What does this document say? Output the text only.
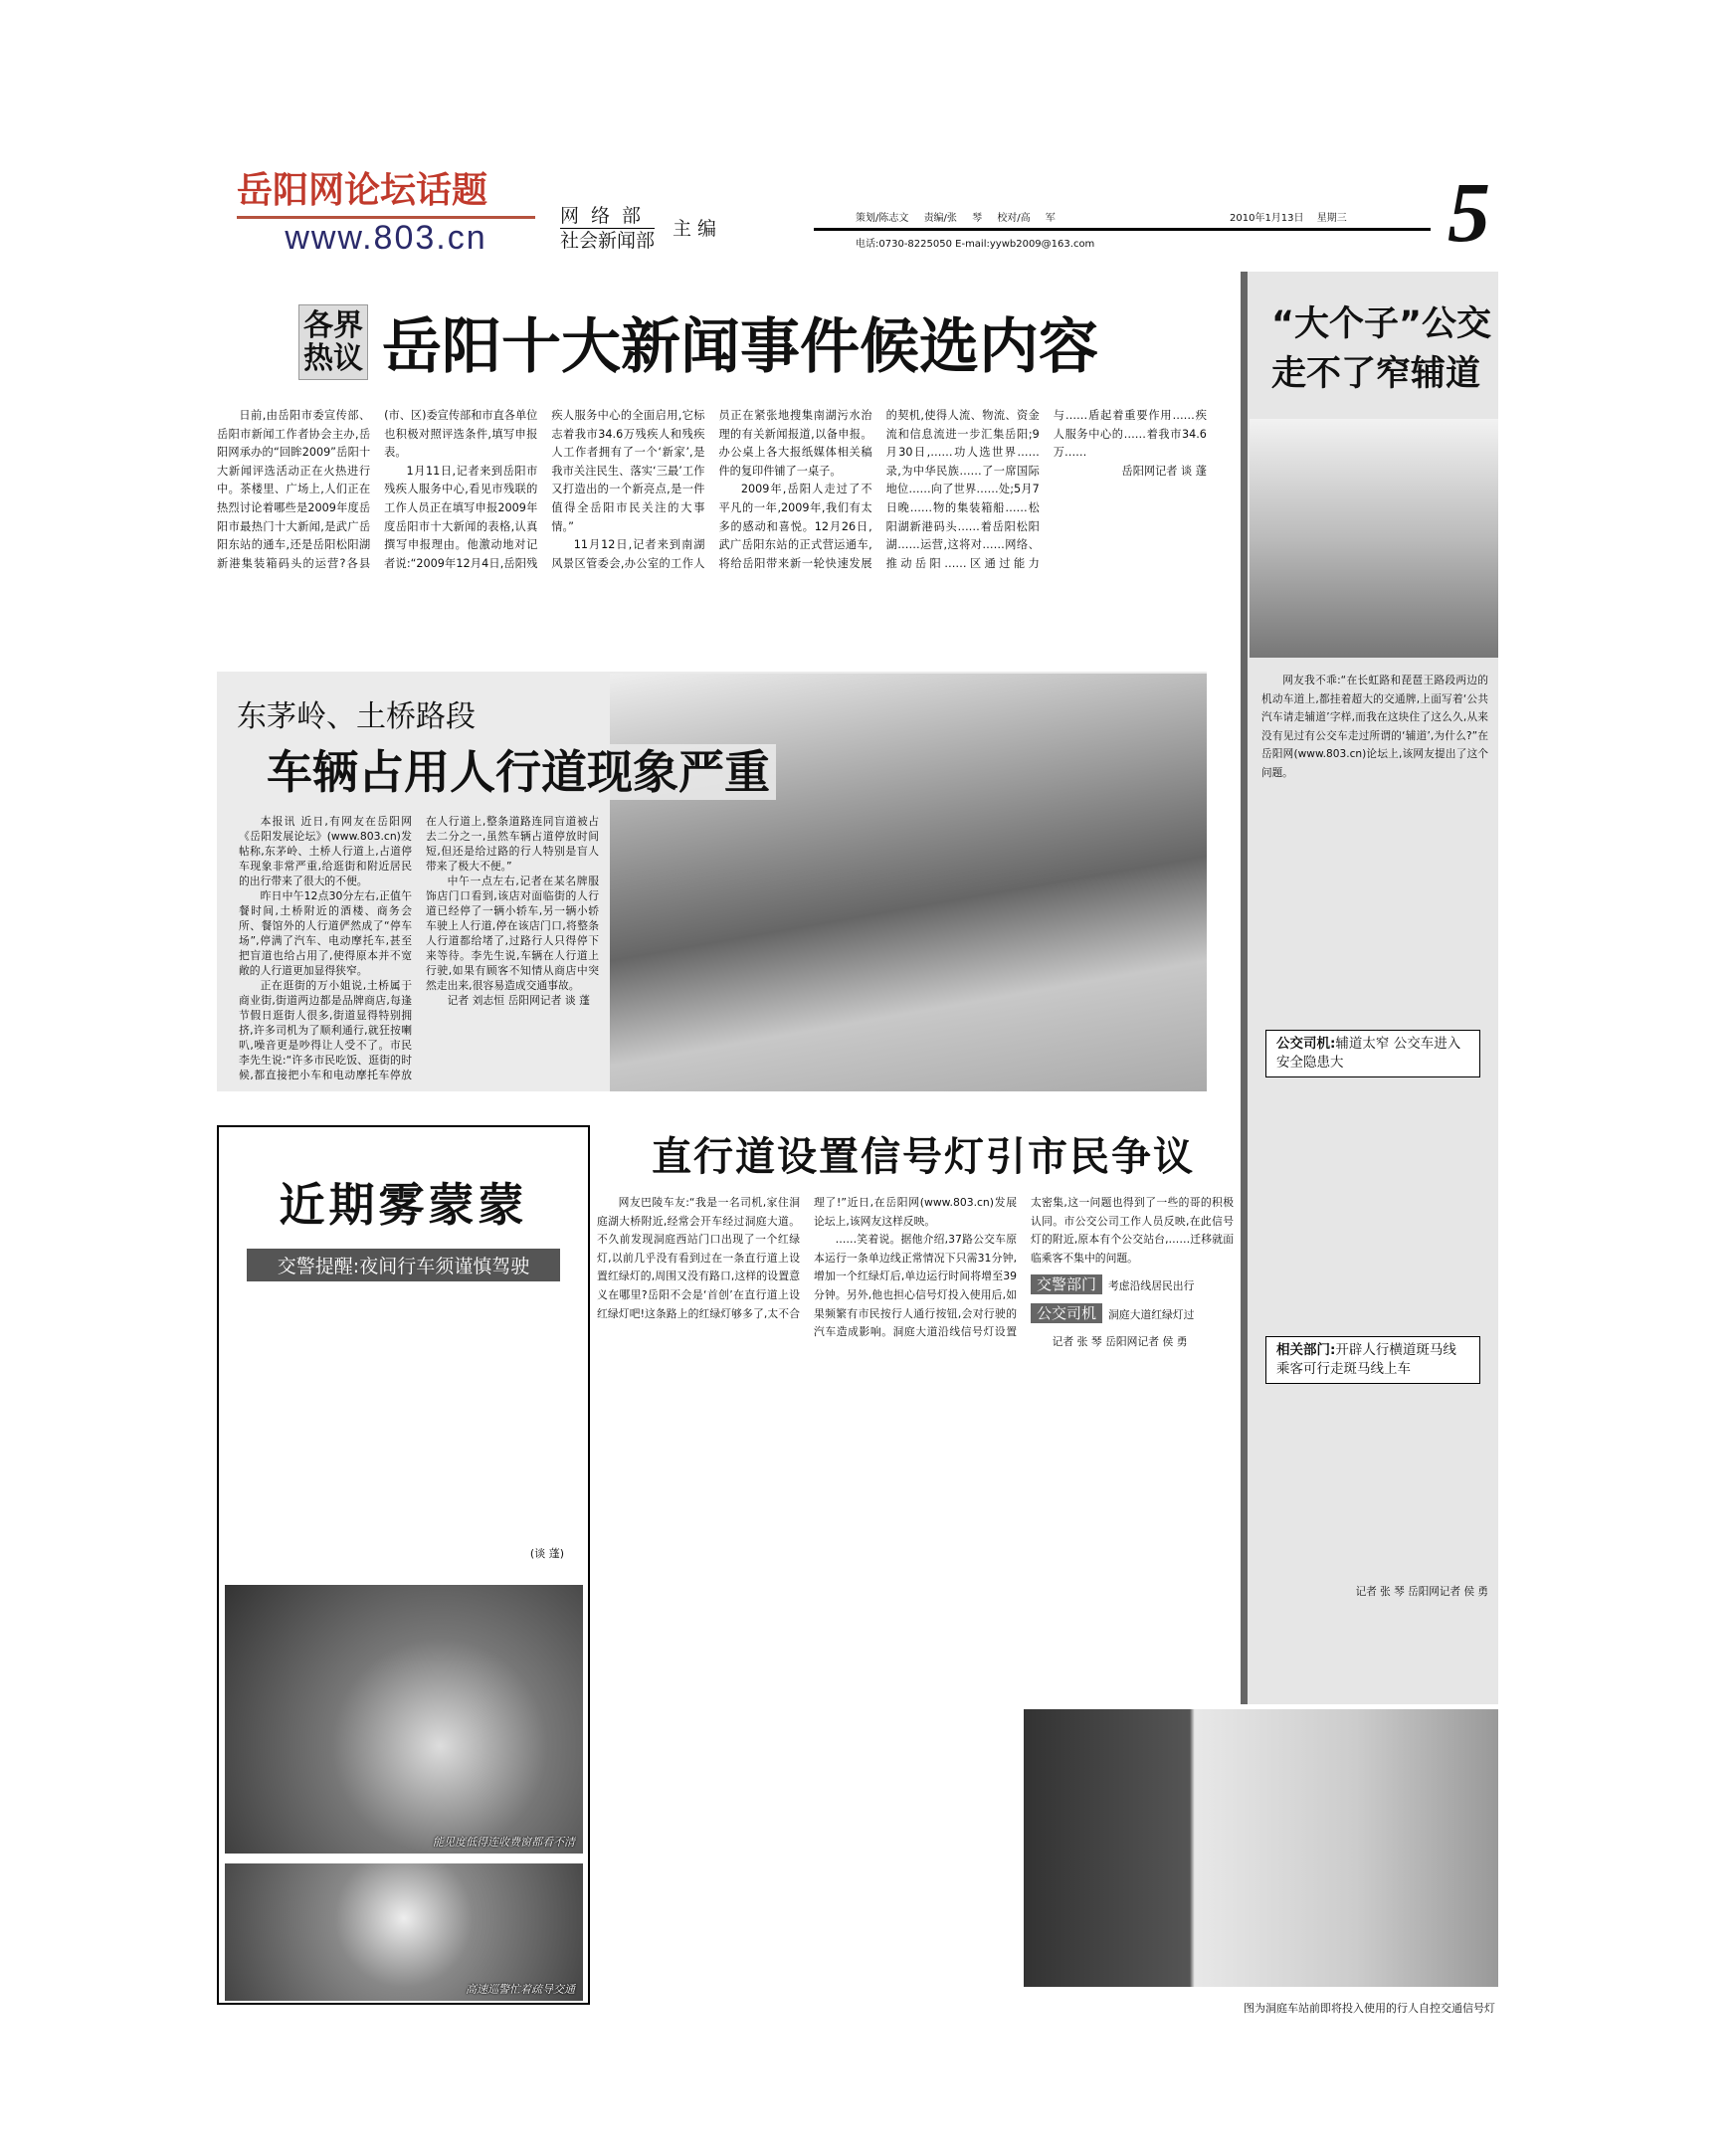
岳阳网论坛话题
www.803.cn
网络部
社会新闻部
主编	策划/陈志文 责编/张 琴 校对/高 军
电话:0730-8225050 E-mail:yywb2009@163.com
2010年1月13日 星期三 5
各界热议 岳阳十大新闻事件候选内容

日前,由岳阳市委宣传部、岳阳市新闻工作者协会主办,岳阳网承办的“回眸2009”岳阳十大新闻评选活动正在火热进行中。茶楼里、广场上,人们正在热烈讨论着哪些是2009年度岳阳市最热门十大新闻,是武广岳阳东站的通车,还是岳阳松阳湖新港集装箱码头的运营?各县(市、区)委宣传部和市直各单位也积极对照评选条件,填写申报表。

1月11日,记者来到岳阳市残疾人服务中心,看见市残联的工作人员正在填写申报2009年度岳阳市十大新闻的表格,认真撰写申报理由。他激动地对记者说:“2009年12月4日,岳阳残疾人服务中心的全面启用,它标志着我市34.6万残疾人和残疾人工作者拥有了一个‘新家’,是我市关注民生、落实‘三最’工作又打造出的一个新亮点,是一件值得全岳阳市民关注的大事情。”

11月12日,记者来到南湖风景区管委会,办公室的工作人员正在紧张地搜集南湖污水治理的有关新闻报道,以备申报。办公桌上各大报纸媒体相关稿件的复印件铺了一桌子。

2009年,岳阳人走过了不平凡的一年,2009年,我们有太多的感动和喜悦。12月26日,武广岳阳东站的正式营运通车,将给岳阳带来新一轮快速发展的契机,使得人流、物流、资金流和信息流进一步汇集岳阳;9月30日,……功人选世界……录,为中华民族……了一席国际地位……向了世界……处;5月7日晚……物的集装箱船……松阳湖新港码头……着岳阳松阳湖……运营,这将对……网络、推动岳阳……区通过能力与……盾起着重要作用……疾人服务中心的……着我市34.6万……

岳阳网记者 谈 蓬

东茅岭、土桥路段
车辆占用人行道现象严重

本报讯 近日,有网友在岳阳网《岳阳发展论坛》(www.803.cn)发帖称,东茅岭、土桥人行道上,占道停车现象非常严重,给逛街和附近居民的出行带来了很大的不便。

昨日中午12点30分左右,正值午餐时间,土桥附近的酒楼、商务会所、餐馆外的人行道俨然成了“停车场”,停满了汽车、电动摩托车,甚至把盲道也给占用了,使得原本并不宽敞的人行道更加显得狭窄。

正在逛街的万小姐说,土桥属于商业街,街道两边都是品牌商店,每逢节假日逛街人很多,街道显得特别拥挤,许多司机为了顺利通行,就狂按喇叭,噪音更是吵得让人受不了。市民李先生说:“许多市民吃饭、逛街的时候,都直接把小车和电动摩托车停放在人行道上,整条道路连同盲道被占去二分之一,虽然车辆占道停放时间短,但还是给过路的行人特别是盲人带来了极大不便。”

中午一点左右,记者在某名牌服饰店门口看到,该店对面临街的人行道已经停了一辆小轿车,另一辆小轿车驶上人行道,停在该店门口,将整条人行道都给堵了,过路行人只得停下来等待。李先生说,车辆在人行道上行驶,如果有顾客不知情从商店中突然走出来,很容易造成交通事故。

记者 刘志恒 岳阳网记者 谈 蓬

近期雾蒙蒙
交警提醒:夜间行车须谨慎驾驶
(谈 蓬)
能见度低得连收费窗都看不清
高速巡警忙着疏导交通
直行道设置信号灯引市民争议

网友巴陵车友:“我是一名司机,家住洞庭湖大桥附近,经常会开车经过洞庭大道。不久前发现洞庭西站门口出现了一个红绿灯,以前几乎没有看到过在一条直行道上设置红绿灯的,周围又没有路口,这样的设置意义在哪里?岳阳不会是‘首创’在直行道上设红绿灯吧!这条路上的红绿灯够多了,太不合理了!”近日,在岳阳网(www.803.cn)发展论坛上,该网友这样反映。

……笑着说。据他介绍,37路公交车原本运行一条单边线正常情况下只需31分钟,增加一个红绿灯后,单边运行时间将增至39分钟。另外,他也担心信号灯投入使用后,如果频繁有市民按行人通行按钮,会对行驶的汽车造成影响。洞庭大道沿线信号灯设置太密集,这一问题也得到了一些的哥的积极认同。市公交公司工作人员反映,在此信号灯的附近,原本有个公交站台,……迁移就面临乘客不集中的问题。

交警部门 考虑沿线居民出行
公交司机 洞庭大道红绿灯过

记者 张 琴 岳阳网记者 侯 勇

“大个子”公交
走不了窄辅道

网友我不乖:“在长虹路和琵琶王路段两边的机动车道上,都挂着超大的交通牌,上面写着‘公共汽车请走辅道’字样,而我在这块住了这么久,从来没有见过有公交车走过所谓的‘辅道’,为什么?”在岳阳网(www.803.cn)论坛上,该网友提出了这个问题。

公交司机:辅道太窄 公交车进入安全隐患大
相关部门:开辟人行横道斑马线 乘客可行走斑马线上车
记者 张 琴 岳阳网记者 侯 勇
图为洞庭车站前即将投入使用的行人自控交通信号灯
